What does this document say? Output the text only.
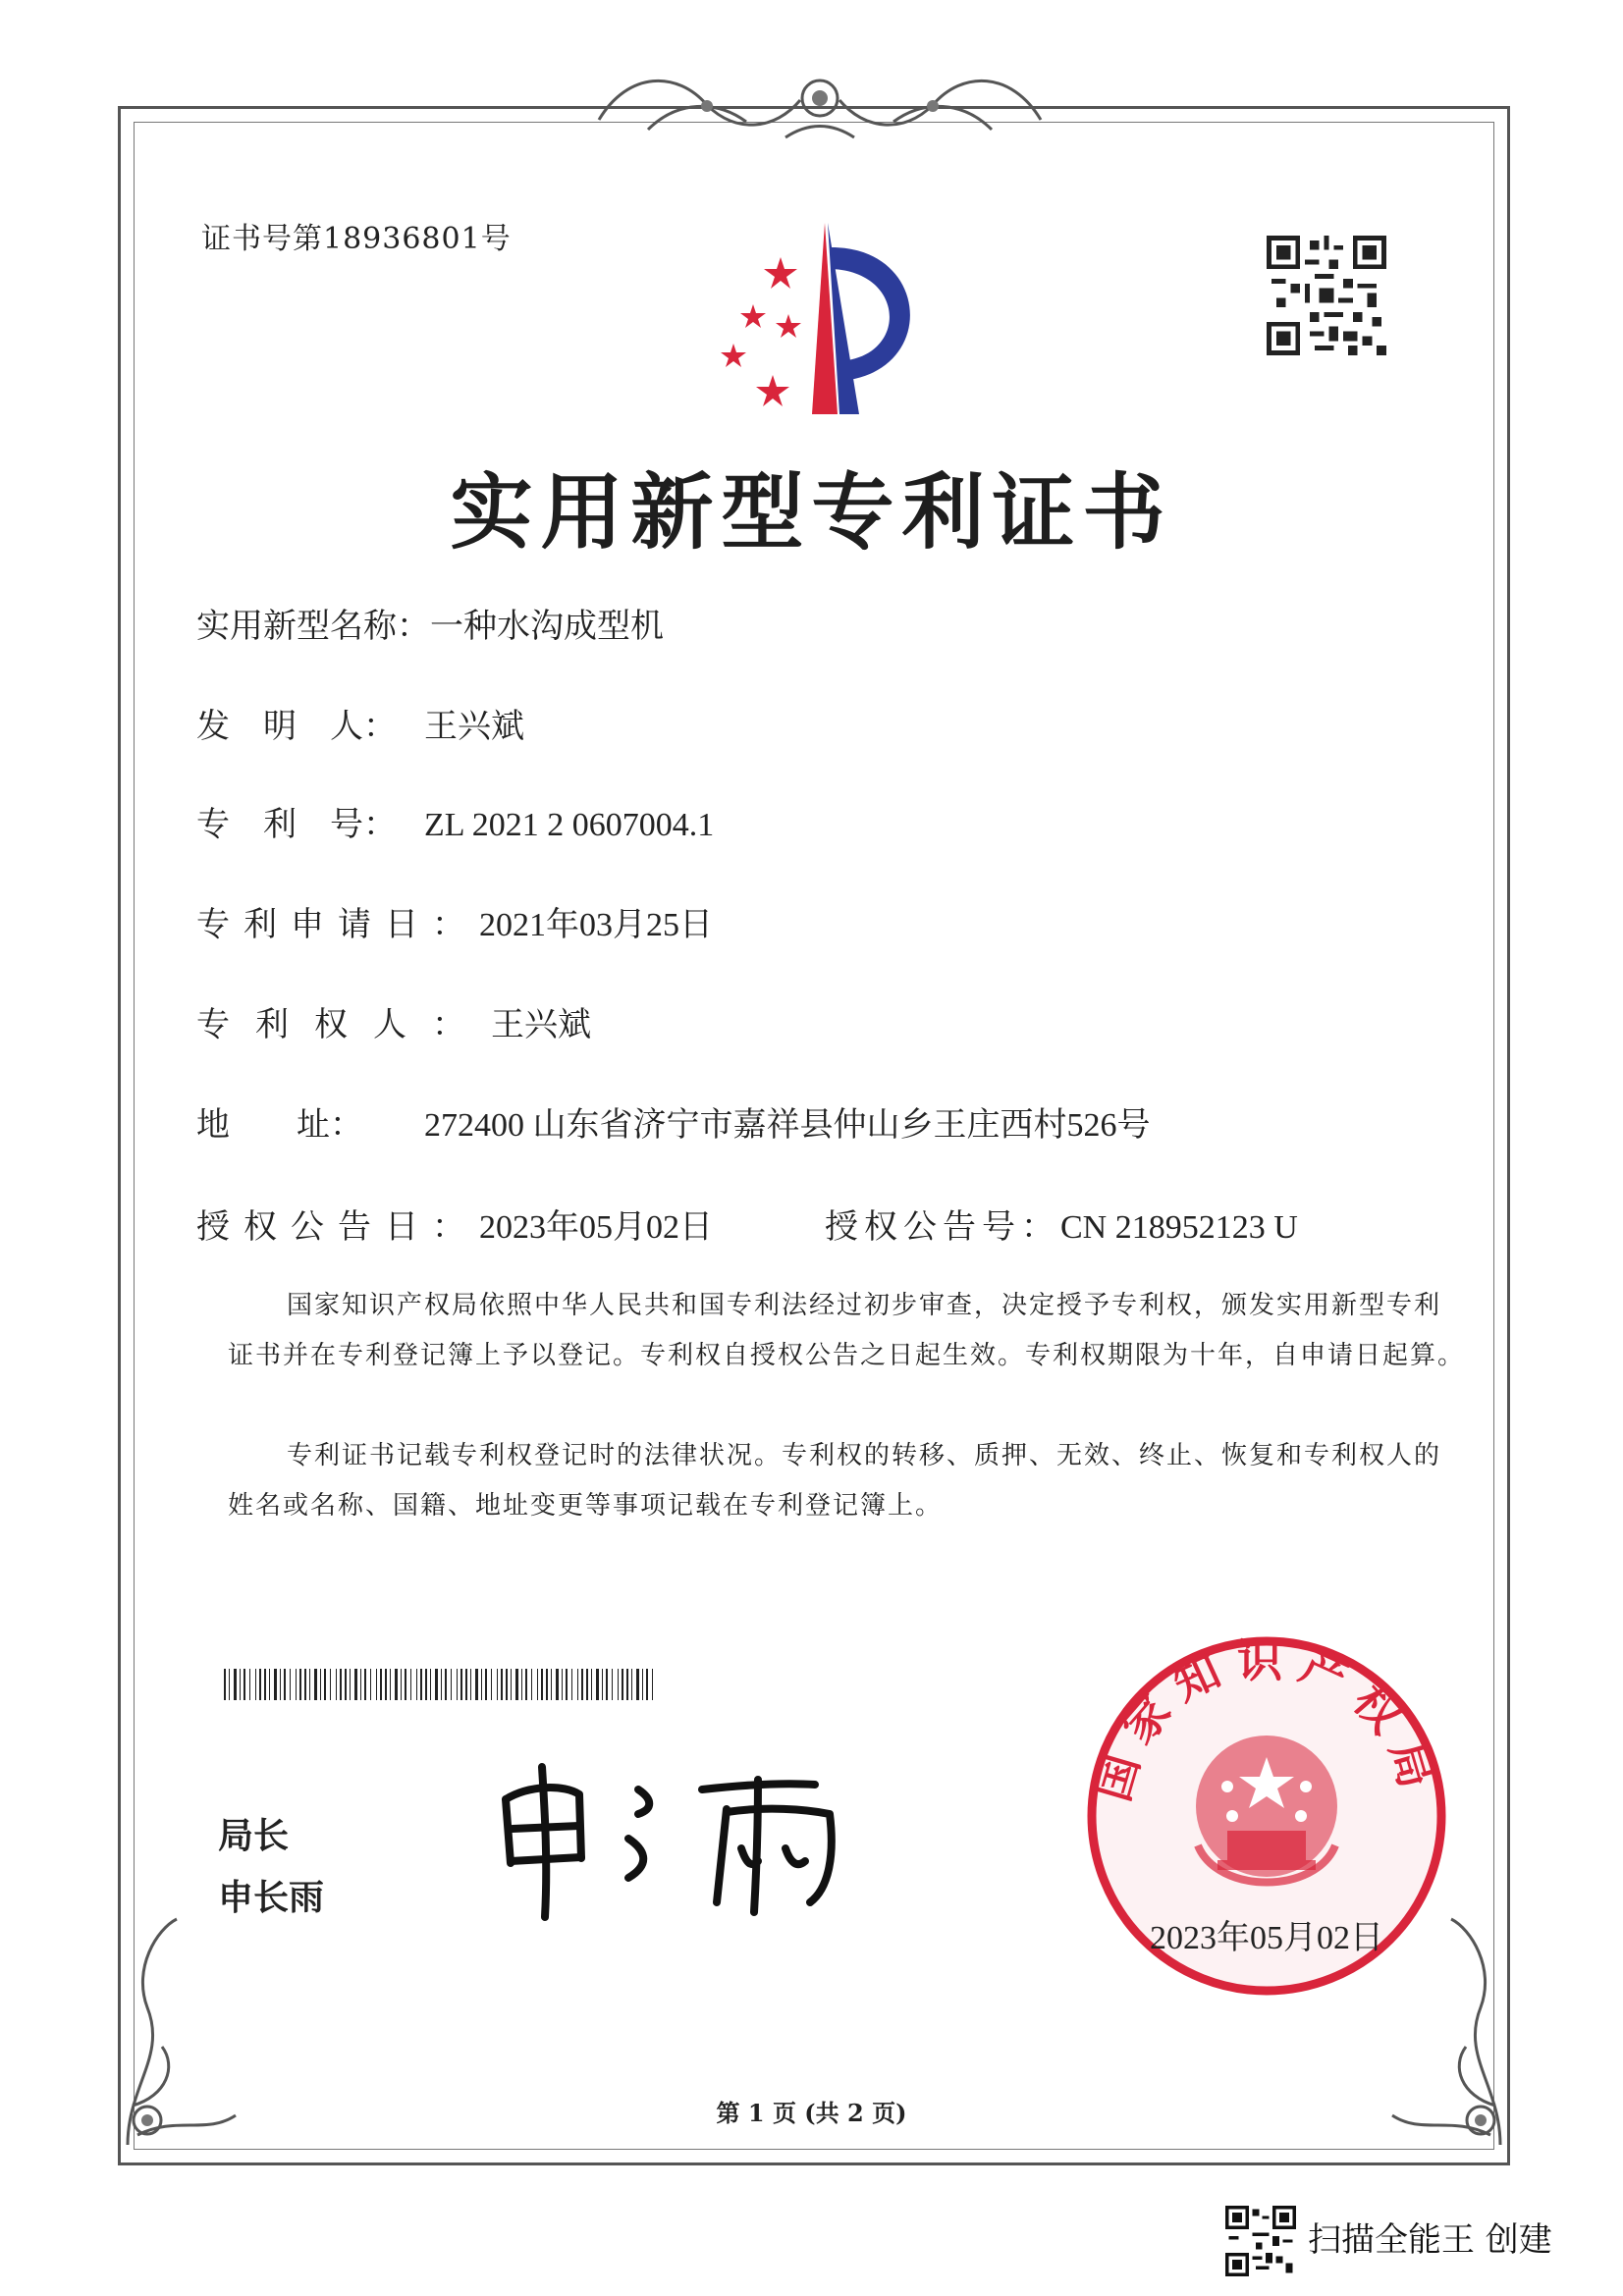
证书号第18936801号
实用新型专利证书
实用新型名称：一种水沟成型机
发　明　人： 王兴斌
专　利　号： ZL 2021 2 0607004.1
专利申请日：2021年03月25日
专利权人：王兴斌
地　　址： 272400 山东省济宁市嘉祥县仲山乡王庄西村526号
授权公告日：2023年05月02日	授权公告号：CN 218952123 U
国家知识产权局依照中华人民共和国专利法经过初步审查，决定授予专利权，颁发实用新型专利证书并在专利登记簿上予以登记。专利权自授权公告之日起生效。专利权期限为十年，自申请日起算。
专利证书记载专利权登记时的法律状况。专利权的转移、质押、无效、终止、恢复和专利权人的姓名或名称、国籍、地址变更等事项记载在专利登记簿上。
局长
申长雨
国家知识产权局
2023年05月02日
第 1 页 (共 2 页)
扫描全能王 创建
